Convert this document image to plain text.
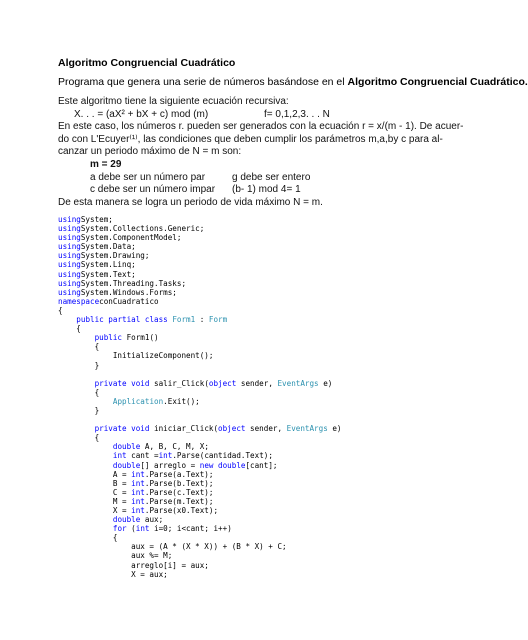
Algoritmo Congruencial Cuadrático
Programa que genera una serie de números basándose en el Algoritmo Congruencial Cuadrático.
Este algoritmo tiene la siguiente ecuación recursiva:
X. . . = (aX² + bX + c) mod (m)	f= 0,1,2,3. . . N
En este caso, los números r. pueden ser generados con la ecuación r = x/(m - 1). De acuer-
do con L'Ecuyer⁽¹⁾, las condiciones que deben cumplir los parámetros m,a,by c para al-
canzar un periodo máximo de N = m son:
m = 29
a debe ser un número par	g debe ser entero
c debe ser un número impar	(b- 1) mod 4= 1
De esta manera se logra un periodo de vida máximo N = m.
usingSystem;
usingSystem.Collections.Generic;
usingSystem.ComponentModel;
usingSystem.Data;
usingSystem.Drawing;
usingSystem.Linq;
usingSystem.Text;
usingSystem.Threading.Tasks;
usingSystem.Windows.Forms;
namespaceconCuadratico
{
public partial class Form1 : Form
{
public Form1()
{
InitializeComponent();
}

private void salir_Click(object sender, EventArgs e)
{
Application.Exit();
}

private void iniciar_Click(object sender, EventArgs e)
{
double A, B, C, M, X;
int cant =int.Parse(cantidad.Text);
double[] arreglo = new double[cant];
A = int.Parse(a.Text);
B = int.Parse(b.Text);
C = int.Parse(c.Text);
M = int.Parse(m.Text);
X = int.Parse(x0.Text);
double aux;
for (int i=0; i<cant; i++)
{
aux = (A * (X * X)) + (B * X) + C;
aux %= M;
arreglo[i] = aux;
X = aux;
